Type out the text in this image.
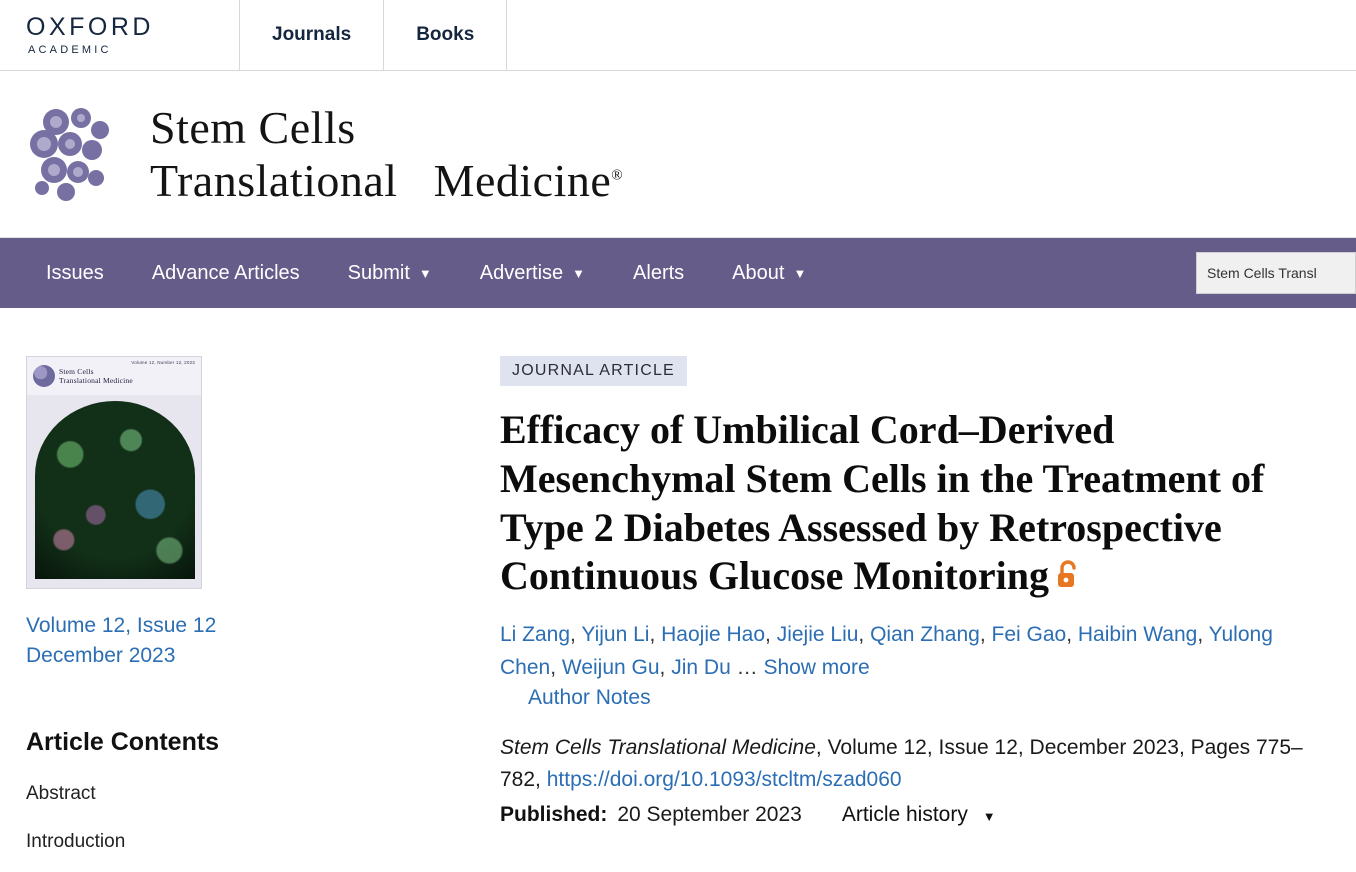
OXFORD
ACADEMIC
Journals	Books
Stem Cells
Translational Medicine®
Issues Advance Articles Submit ▼ Advertise ▼ Alerts About ▼
Stem Cells Transl
Volume 12, Number 12, 2023
Stem Cells
Translational Medicine
Volume 12, Issue 12
December 2023
Article Contents
Abstract
Introduction
JOURNAL ARTICLE
Efficacy of Umbilical Cord–Derived Mesenchymal Stem Cells in the Treatment of Type 2 Diabetes Assessed by Retrospective Continuous Glucose Monitoring
Li Zang, Yijun Li, Haojie Hao, Jiejie Liu, Qian Zhang, Fei Gao, Haibin Wang, Yulong Chen, Weijun Gu, Jin Du … Show more
Author Notes
Stem Cells Translational Medicine, Volume 12, Issue 12, December 2023, Pages 775–782, https://doi.org/10.1093/stcltm/szad060
Published: 20 September 2023 Article history ▼
